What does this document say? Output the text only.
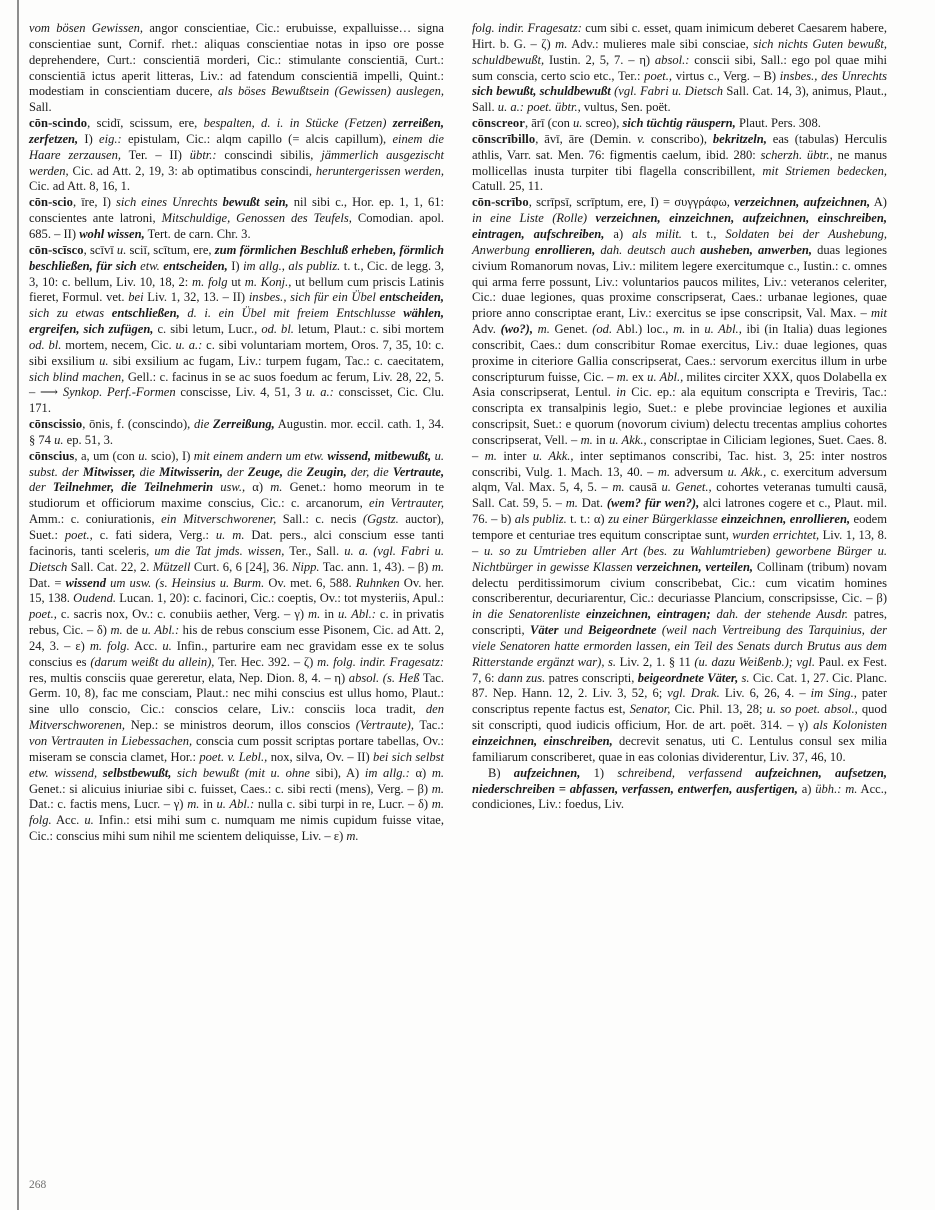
vom bösen Gewissen, angor conscientiae, Cic.: erubuisse, expalluisse… signa conscientiae sunt, Cornif. rhet.: aliquas conscientiae notas in ipso ore posse deprehendere, Curt.: conscientiā morderi, Cic.: stimulante conscientiā, Curt.: conscientiā ictus aperit litteras, Liv.: ad fatendum conscientiā impelli, Quint.: modestiam in conscientiam ducere, als böses Bewußtsein (Gewissen) auslegen, Sall.

cōn-scindo, scidī, scissum, ere, bespalten, d. i. in Stücke (Fetzen) zerreißen, zerfetzen, I) eig.: epistulam, Cic.: alqm capillo (= alcis capillum), einem die Haare zerzausen, Ter. – II) übtr.: conscindi sibilis, jämmerlich ausgezischt werden, Cic. ad Att. 2, 19, 3: ab optimatibus conscindi, heruntergerissen werden, Cic. ad Att. 8, 16, 1.

cōn-scio, īre, I) sich eines Unrechts bewußt sein, nil sibi c., Hor. ep. 1, 1, 61: conscientes ante latroni, Mitschuldige, Genossen des Teufels, Comodian. apol. 685. – II) wohl wissen, Tert. de carn. Chr. 3.

cōn-scīsco, scīvī u. sciī, scītum, ere, zum förmlichen Beschluß erheben, förmlich beschließen, für sich etw. entscheiden, I) im allg., als publiz. t. t., Cic. de legg. 3, 3, 10: c. bellum, Liv. 10, 18, 2: m. folg ut m. Konj., ut bellum cum priscis Latinis fieret, Formul. vet. bei Liv. 1, 32, 13. – II) insbes., sich für ein Übel entscheiden, sich zu etwas entschließen, d. i. ein Übel mit freiem Entschlusse wählen, ergreifen, sich zufügen, c. sibi letum, Lucr., od. bl. letum, Plaut.: c. sibi mortem od. bl. mortem, necem, Cic. u. a.: c. sibi voluntariam mortem, Oros. 7, 35, 10: c. sibi exsilium u. sibi exsilium ac fugam, Liv.: turpem fugam, Tac.: c. caecitatem, sich blind machen, Gell.: c. facinus in se ac suos foedum ac ferum, Liv. 28, 22, 5. – ⟶ Synkop. Perf.-Formen conscisse, Liv. 4, 51, 3 u. a.: conscisset, Cic. Clu. 171.

cōnscissio, ōnis, f. (conscindo), die Zerreißung, Augustin. mor. eccil. cath. 1, 34. § 74 u. ep. 51, 3.

cōnscius, a, um (con u. scio), I) mit einem andern um etw. wissend, mitbewußt, u. subst. der Mitwisser, die Mitwisserin, der Zeuge, die Zeugin, der, die Vertraute, der Teilnehmer, die Teilnehmerin usw., α) m. Genet.: homo meorum in te studiorum et officiorum maxime conscius, Cic.: c. arcanorum, ein Vertrauter, Amm.: c. coniurationis, ein Mitverschworener, Sall.: c. necis (Ggstz. auctor), Suet.: poet., c. fati sidera, Verg.: u. m. Dat. pers., alci conscium esse tanti facinoris, tanti sceleris, um die Tat jmds. wissen, Ter., Sall. u. a. (vgl. Fabri u. Dietsch Sall. Cat. 22, 2. Mützell Curt. 6, 6 [24], 36. Nipp. Tac. ann. 1, 43). – β) m. Dat. = wissend um usw. (s. Heinsius u. Burm. Ov. met. 6, 588. Ruhnken Ov. her. 15, 138. Oudend. Lucan. 1, 20): c. facinori, Cic.: coeptis, Ov.: tot mysteriis, Apul.: poet., c. sacris nox, Ov.: c. conubiis aether, Verg. – γ) m. in u. Abl.: c. in privatis rebus, Cic. – δ) m. de u. Abl.: his de rebus conscium esse Pisonem, Cic. ad Att. 2, 24, 3. – ε) m. folg. Acc. u. Infin., parturire eam nec gravidam esse ex te solus conscius es (darum weißt du allein), Ter. Hec. 392. – ζ) m. folg. indir. Fragesatz: res, multis consciis quae gereretur, elata, Nep. Dion. 8, 4. – η) absol. (s. Heß Tac. Germ. 10, 8), fac me consciam, Plaut.: nec mihi conscius est ullus homo, Plaut.: sine ullo conscio, Cic.: conscios celare, Liv.: consciis loca tradit, den Mitverschworenen, Nep.: se ministros deorum, illos conscios (Vertraute), Tac.: von Vertrauten in Liebessachen, conscia cum possit scriptas portare tabellas, Ov.: miseram se conscia clamet, Hor.: poet. v. Lebl., nox, silva, Ov. – II) bei sich selbst etw. wissend, selbstbewußt, sich bewußt (mit u. ohne sibi), A) im allg.: α) m. Genet.: si alicuius iniuriae sibi c. fuisset, Caes.: c. sibi recti (mens), Verg. – β) m. Dat.: c. factis mens, Lucr. – γ) m. in u. Abl.: nulla c. sibi turpi in re, Lucr. – δ) m. folg. Acc. u. Infin.: etsi mihi sum c. numquam me nimis cupidum fuisse vitae, Cic.: conscius mihi sum nihil me scientem deliquisse, Liv. – ε) m.

folg. indir. Fragesatz: cum sibi c. esset, quam inimicum deberet Caesarem habere, Hirt. b. G. – ζ) m. Adv.: mulieres male sibi consciae, sich nichts Guten bewußt, schuldbewußt, Iustin. 2, 5, 7. – η) absol.: conscii sibi, Sall.: ego pol quae mihi sum conscia, certo scio etc., Ter.: poet., virtus c., Verg. – B) insbes., des Unrechts sich bewußt, schuldbewußt (vgl. Fabri u. Dietsch Sall. Cat. 14, 3), animus, Plaut., Sall. u. a.: poet. übtr., vultus, Sen. poët.

cōnscreor, ārī (con u. screo), sich tüchtig räuspern, Plaut. Pers. 308.

cōnscrībillo, āvī, āre (Demin. v. conscribo), bekritzeln, eas (tabulas) Herculis athlis, Varr. sat. Men. 76: figmentis caelum, ibid. 280: scherzh. übtr., ne manus mollicellas inusta turpiter tibi flagella conscribillent, mit Striemen bedecken, Catull. 25, 11.

cōn-scrībo, scrīpsī, scrīptum, ere, I) = συγγράφω, verzeichnen, aufzeichnen, A) in eine Liste (Rolle) verzeichnen, einzeichnen, aufzeichnen, einschreiben, eintragen, aufschreiben, a) als milit. t. t., Soldaten bei der Aushebung, Anwerbung enrollieren, dah. deutsch auch ausheben, anwerben, duas legiones civium Romanorum novas, Liv.: militem legere exercitumque c., Iustin.: c. omnes qui arma ferre possunt, Liv.: voluntarios paucos milites, Liv.: veteranos celeriter, Cic.: duae legiones, quas proxime conscripserat, Caes.: urbanae legiones, quae priore anno conscriptae erant, Liv.: exercitus se ipse conscripsit, Val. Max. – mit Adv. (wo?), m. Genet. (od. Abl.) loc., m. in u. Abl., ibi (in Italia) duas legiones conscribit, Caes.: dum conscribitur Romae exercitus, Liv.: duae legiones, quas proxime in citeriore Gallia conscripserat, Caes.: servorum exercitus illum in urbe conscripturum fuisse, Cic. – m. ex u. Abl., milites circiter XXX, quos Dolabella ex Asia conscripserat, Lentul. in Cic. ep.: ala equitum conscripta e Treviris, Tac.: conscripta ex transalpinis legio, Suet.: e plebe provinciae legiones et auxilia conscripsit, Suet.: e quorum (novorum civium) delectu trecentas amplius cohortes conscripserat, Vell. – m. in u. Akk., conscriptae in Ciliciam legiones, Suet. Caes. 8. – m. inter u. Akk., inter septimanos conscribi, Tac. hist. 3, 25: inter nostros conscribi, Vulg. 1. Mach. 13, 40. – m. adversum u. Akk., c. exercitum adversum alqm, Val. Max. 5, 4, 5. – m. causā u. Genet., cohortes veteranas tumulti causā, Sall. Cat. 59, 5. – m. Dat. (wem? für wen?), alci latrones cogere et c., Plaut. mil. 76. – b) als publiz. t. t.: α) zu einer Bürgerklasse einzeichnen, enrollieren, eodem tempore et centuriae tres equitum conscriptae sunt, wurden errichtet, Liv. 1, 13, 8. – u. so zu Umtrieben aller Art (bes. zu Wahlumtrieben) geworbene Bürger u. Nichtbürger in gewisse Klassen verzeichnen, verteilen, Collinam (tribum) novam delectu perditissimorum civium conscribebat, Cic.: cum vicatim homines conscriberentur, decuriarentur, Cic.: decuriasse Plancium, conscripsisse, Cic. – β) in die Senatorenliste einzeichnen, eintragen; dah. der stehende Ausdr. patres, conscripti, Väter und Beigeordnete (weil nach Vertreibung des Tarquinius, der viele Senatoren hatte ermorden lassen, ein Teil des Senats durch Brutus aus dem Ritterstande ergänzt war), s. Liv. 2, 1. § 11 (u. dazu Weißenb.); vgl. Paul. ex Fest. 7, 6: dann zus. patres conscripti, beigeordnete Väter, s. Cic. Cat. 1, 27. Cic. Planc. 87. Nep. Hann. 12, 2. Liv. 3, 52, 6; vgl. Drak. Liv. 6, 26, 4. – im Sing., pater conscriptus repente factus est, Senator, Cic. Phil. 13, 28; u. so poet. absol., quod sit conscripti, quod iudicis officium, Hor. de art. poët. 314. – γ) als Kolonisten einzeichnen, einschreiben, decrevit senatus, uti C. Lentulus consul sex milia familiarum conscriberet, quae in eas colonias dividerentur, Liv. 37, 46, 10.

B) aufzeichnen, 1) schreibend, verfassend aufzeichnen, aufsetzen, niederschreiben = abfassen, verfassen, entwerfen, ausfertigen, a) übh.: m. Acc., condiciones, Liv.: foedus, Liv.

268
